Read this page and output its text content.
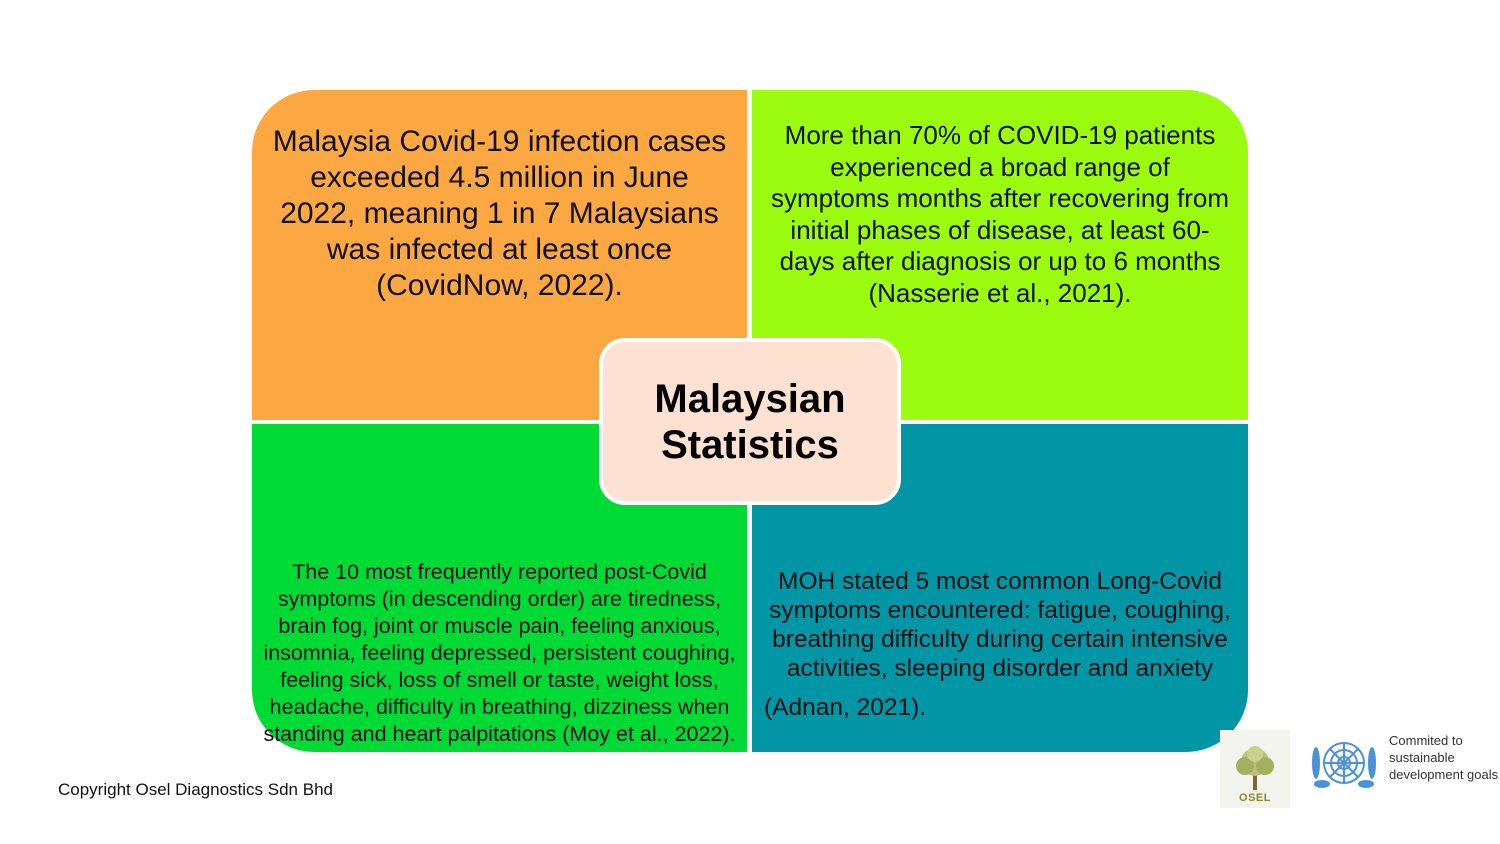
Malaysia Covid-19 infection cases exceeded 4.5 million in June 2022, meaning 1 in 7 Malaysians was infected at least once (CovidNow, 2022).
More than 70% of COVID-19 patients experienced a broad range of symptoms months after recovering from initial phases of disease, at least 60-days after diagnosis or up to 6 months (Nasserie et al., 2021).
The 10 most frequently reported post-Covid symptoms (in descending order) are tiredness, brain fog, joint or muscle pain, feeling anxious, insomnia, feeling depressed, persistent coughing, feeling sick, loss of smell or taste, weight loss, headache, difficulty in breathing, dizziness when standing and heart palpitations (Moy et al., 2022).
MOH stated 5 most common Long-Covid symptoms encountered: fatigue, coughing, breathing difficulty during certain intensive activities, sleeping disorder and anxiety
(Adnan, 2021).
Malaysian Statistics
Copyright Osel Diagnostics Sdn Bhd	OSEL
Commited to sustainable development goals
